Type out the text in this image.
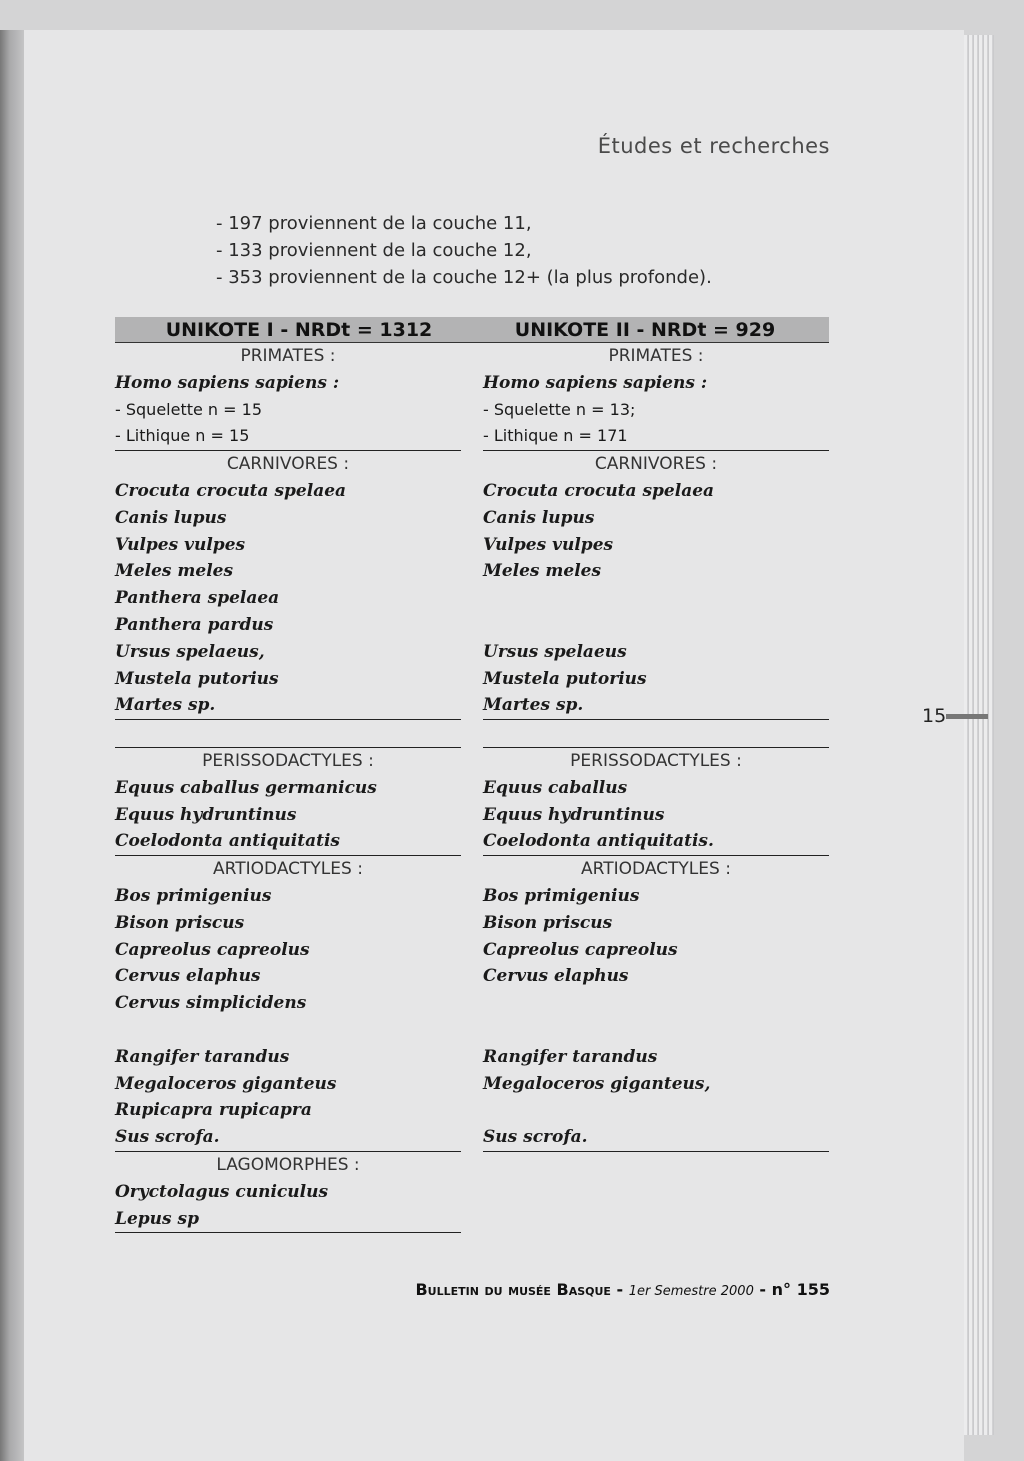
Études et recherches
- 197 proviennent de la couche 11,
- 133 proviennent de la couche 12,
- 353 proviennent de la couche 12+ (la plus profonde).
UNIKOTE I - NRDt = 1312
PRIMATES :
Homo sapiens sapiens :
- Squelette n = 15
- Lithique n = 15
CARNIVORES :
Crocuta crocuta spelaea
Canis lupus
Vulpes vulpes
Meles meles
Panthera spelaea
Panthera pardus
Ursus spelaeus,
Mustela putorius
Martes sp.
PERISSODACTYLES :
Equus caballus germanicus
Equus hydruntinus
Coelodonta antiquitatis
ARTIODACTYLES :
Bos primigenius
Bison priscus
Capreolus capreolus
Cervus elaphus
Cervus simplicidens
Rangifer tarandus
Megaloceros giganteus
Rupicapra rupicapra
Sus scrofa.
LAGOMORPHES :
Oryctolagus cuniculus
Lepus sp
UNIKOTE II - NRDt = 929
PRIMATES :
Homo sapiens sapiens :
- Squelette n = 13;
- Lithique n = 171
CARNIVORES :
Crocuta crocuta spelaea
Canis lupus
Vulpes vulpes
Meles meles
Ursus spelaeus
Mustela putorius
Martes sp.
PERISSODACTYLES :
Equus caballus
Equus hydruntinus
Coelodonta antiquitatis.
ARTIODACTYLES :
Bos primigenius
Bison priscus
Capreolus capreolus
Cervus elaphus
Rangifer tarandus
Megaloceros giganteus,
Sus scrofa.
15
Bulletin du musée Basque - 1er Semestre 2000 - n° 155
